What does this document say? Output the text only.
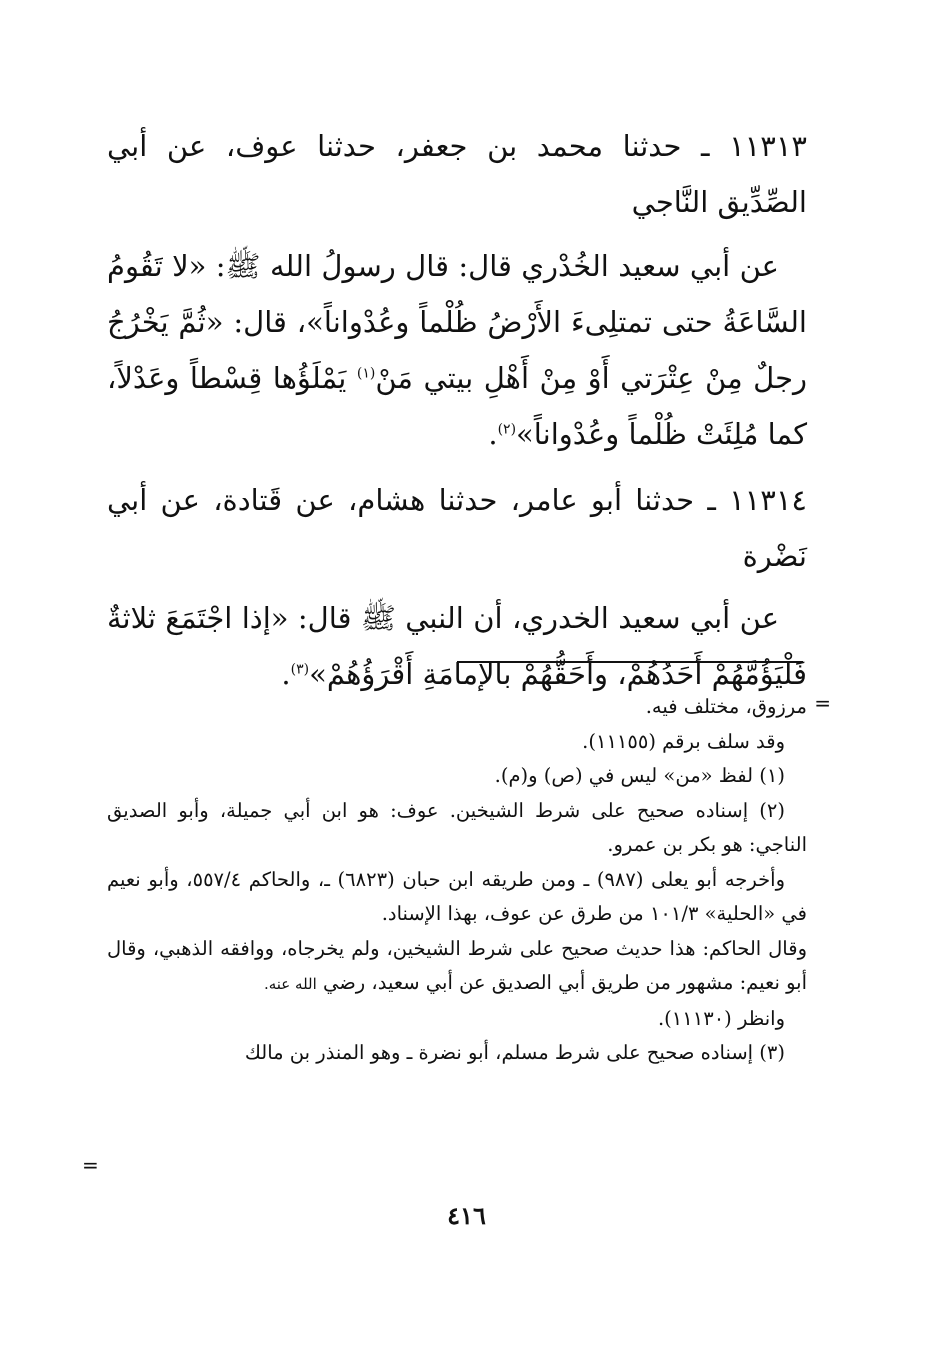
١١٣١٣ ـ حدثنا محمد بن جعفر، حدثنا عوف، عن أبي الصِّدِّيق النَّاجي

عن أبي سعيد الخُدْري قال: قال رسولُ الله ﷺ: «لا تَقُومُ السَّاعَةُ حتى تمتلِىءَ الأَرْضُ ظُلْماً وعُدْواناً»، قال: «ثُمَّ يَخْرُجُ رجلٌ مِنْ عِتْرَتي أَوْ مِنْ أَهْلِ بيتي مَنْ$^{(١)}$ يَمْلَؤُها قِسْطاً وعَدْلاً، كما مُلِئَتْ ظُلْماً وعُدْواناً»$^{(٢)}$.

١١٣١٤ ـ حدثنا أبو عامر، حدثنا هشام، عن قَتادة، عن أبي نَضْرة

عن أبي سعيد الخدري، أن النبي ﷺ قال: «إذا اجْتَمَعَ ثلاثةٌ فَلْيَؤُمَّهُمْ أَحَدُهُمْ، وأَحَقُّهُمْ بالإمامَةِ أَقْرَؤُهُمْ»$^{(٣)}$.

=

مرزوق، مختلف فيه.

وقد سلف برقم (١١١٥٥).

(١) لفظ «من» ليس في (ص) و(م).

(٢) إسناده صحيح على شرط الشيخين. عوف: هو ابن أبي جميلة، وأبو الصديق الناجي: هو بكر بن عمرو.

وأخرجه أبو يعلى (٩٨٧) ـ ومن طريقه ابن حبان (٦٨٢٣) ـ، والحاكم ٥٥٧/٤، وأبو نعيم في «الحلية» ١٠١/٣ من طرق عن عوف، بهذا الإسناد.

وقال الحاكم: هذا حديث صحيح على شرط الشيخين، ولم يخرجاه، ووافقه الذهبي، وقال أبو نعيم: مشهور من طريق أبي الصديق عن أبي سعيد، رضي الله عنه.

وانظر (١١١٣٠).

(٣) إسناده صحيح على شرط مسلم، أبو نضرة ـ وهو المنذر بن مالك

=
٤١٦
